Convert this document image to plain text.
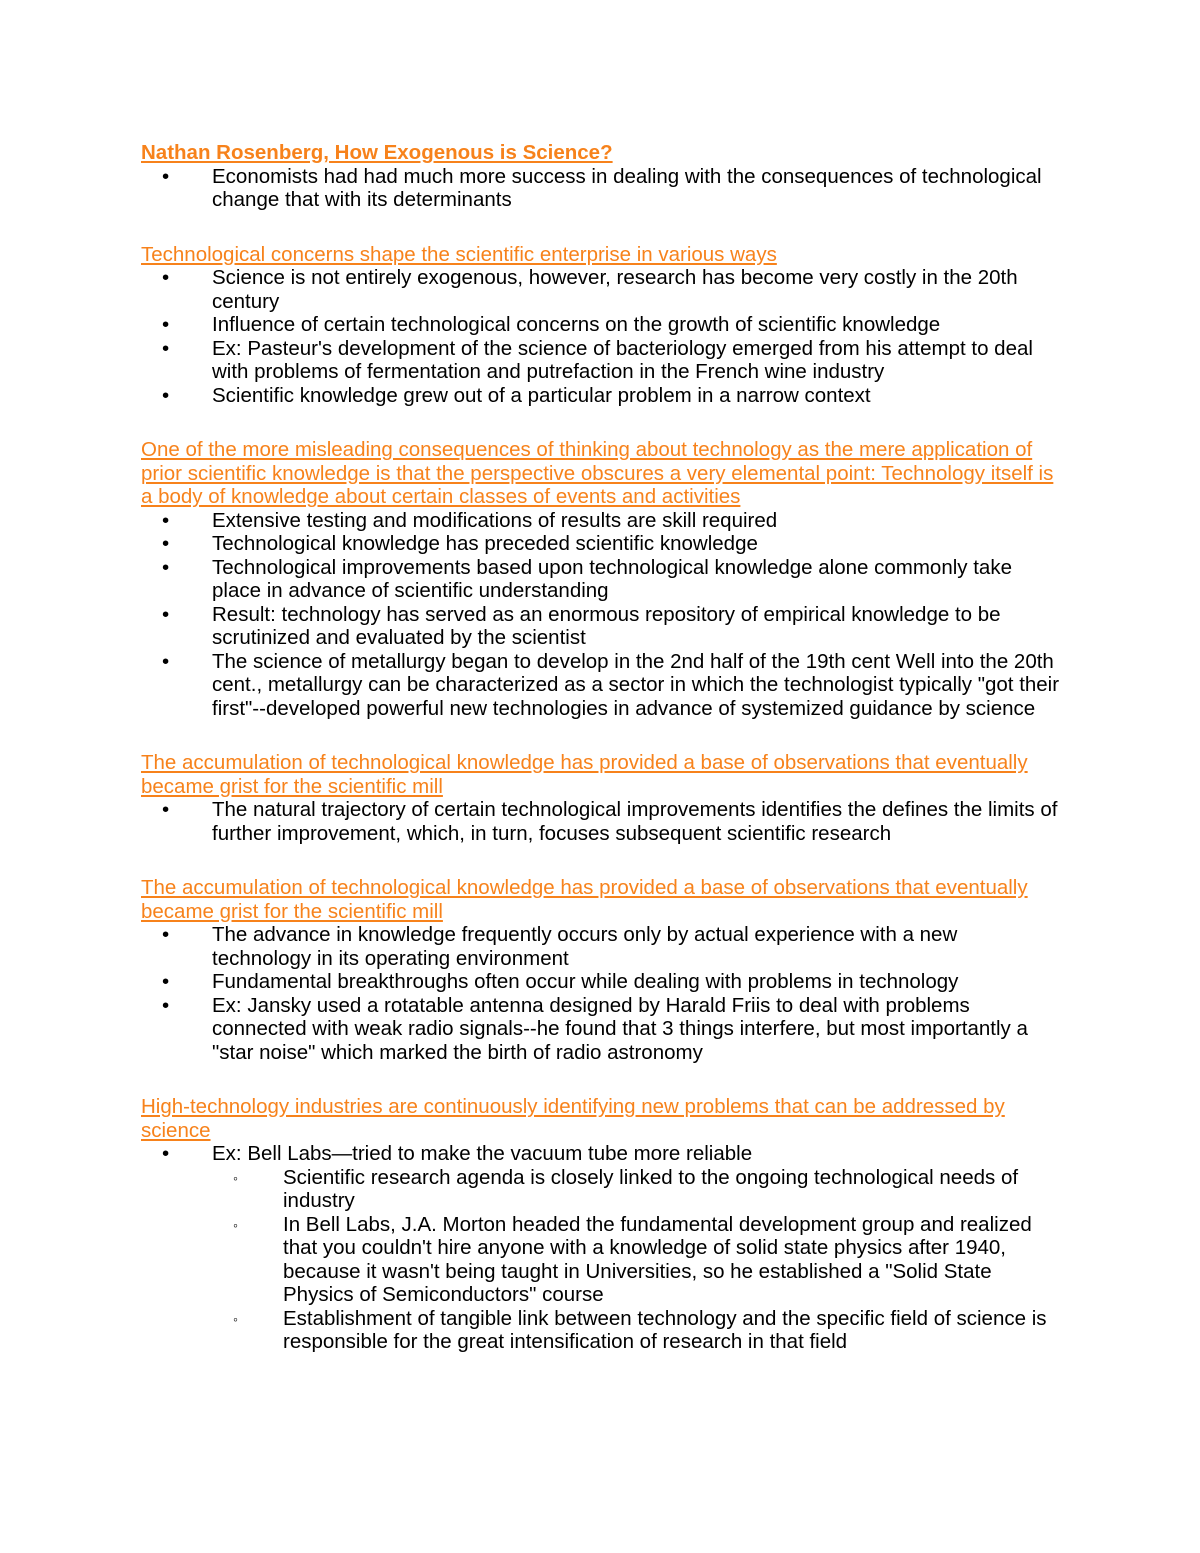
Nathan Rosenberg, How Exogenous is Science?

•	Economists had had much more success in dealing with the consequences of technological change that with its determinants

Technological concerns shape the scientific enterprise in various ways

•	Science is not entirely exogenous, however, research has become very costly in the 20th century
•	Influence of certain technological concerns on the growth of scientific knowledge
•	Ex: Pasteur's development of the science of bacteriology emerged from his attempt to deal with problems of fermentation and putrefaction in the French wine industry
•	Scientific knowledge grew out of a particular problem in a narrow context

One of the more misleading consequences of thinking about technology as the mere application of prior scientific knowledge is that the perspective obscures a very elemental point: Technology itself is a body of knowledge about certain classes of events and activities

•	Extensive testing and modifications of results are skill required
•	Technological knowledge has preceded scientific knowledge
•	Technological improvements based upon technological knowledge alone commonly take place in advance of scientific understanding
•	Result: technology has served as an enormous repository of empirical knowledge to be scrutinized and evaluated by the scientist
•	The science of metallurgy began to develop in the 2nd half of the 19th cent Well into the 20th cent., metallurgy can be characterized as a sector in which the technologist typically "got their first"--developed powerful new technologies in advance of systemized guidance by science

The accumulation of technological knowledge has provided a base of observations that eventually became grist for the scientific mill

•	The natural trajectory of certain technological improvements identifies the defines the limits of further improvement, which, in turn, focuses subsequent scientific research

The accumulation of technological knowledge has provided a base of observations that eventually became grist for the scientific mill

•	The advance in knowledge frequently occurs only by actual experience with a new technology in its operating environment
•	Fundamental breakthroughs often occur while dealing with problems in technology
•	Ex: Jansky used a rotatable antenna designed by Harald Friis to deal with problems connected with weak radio signals--he found that 3 things interfere, but most importantly a "star noise" which marked the birth of radio astronomy

High-technology industries are continuously identifying new problems that can be addressed by science

•	Ex: Bell Labs—tried to make the vacuum tube more reliable
◦ Scientific research agenda is closely linked to the ongoing technological needs of industry
◦ In Bell Labs, J.A. Morton headed the fundamental development group and realized that you couldn't hire anyone with a knowledge of solid state physics after 1940, because it wasn't being taught in Universities, so he established a "Solid State Physics of Semiconductors" course
◦ Establishment of tangible link between technology and the specific field of science is responsible for the great intensification of research in that field
